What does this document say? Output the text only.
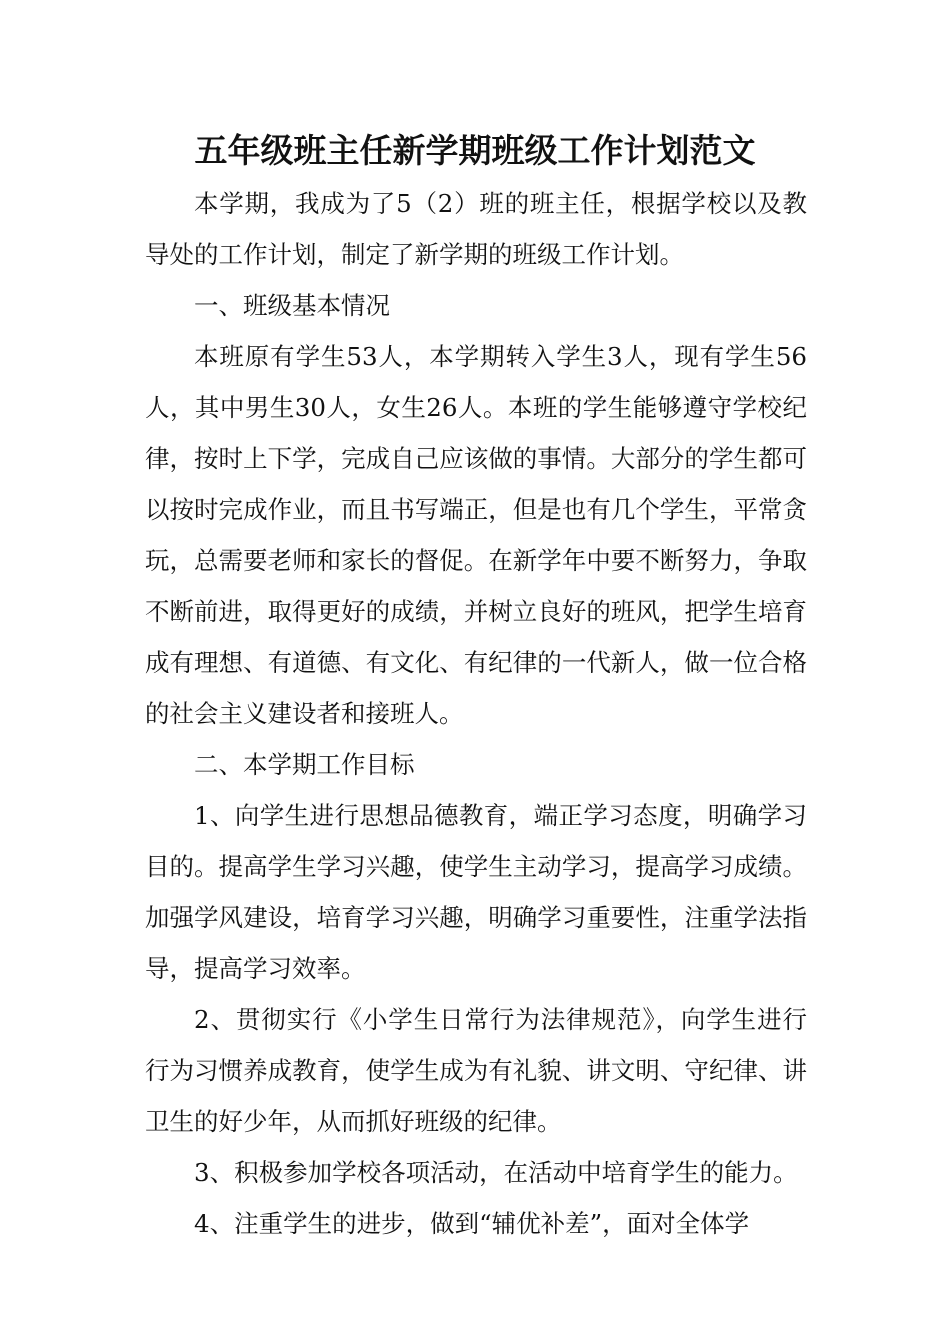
五年级班主任新学期班级工作计划范文

本学期，我成为了5（2）班的班主任，根据学校以及教导处的工作计划，制定了新学期的班级工作计划。

一、班级基本情况

本班原有学生53人，本学期转入学生3人，现有学生56人，其中男生30人，女生26人。本班的学生能够遵守学校纪律，按时上下学，完成自己应该做的事情。大部分的学生都可以按时完成作业，而且书写端正，但是也有几个学生，平常贪玩，总需要老师和家长的督促。在新学年中要不断努力，争取不断前进，取得更好的成绩，并树立良好的班风，把学生培育成有理想、有道德、有文化、有纪律的一代新人，做一位合格的社会主义建设者和接班人。

二、本学期工作目标

1、向学生进行思想品德教育，端正学习态度，明确学习目的。提高学生学习兴趣，使学生主动学习，提高学习成绩。加强学风建设，培育学习兴趣，明确学习重要性，注重学法指导，提高学习效率。

2、贯彻实行《小学生日常行为法律规范》，向学生进行行为习惯养成教育，使学生成为有礼貌、讲文明、守纪律、讲卫生的好少年，从而抓好班级的纪律。

3、积极参加学校各项活动，在活动中培育学生的能力。

4、注重学生的进步，做到“辅优补差”，面对全体学
